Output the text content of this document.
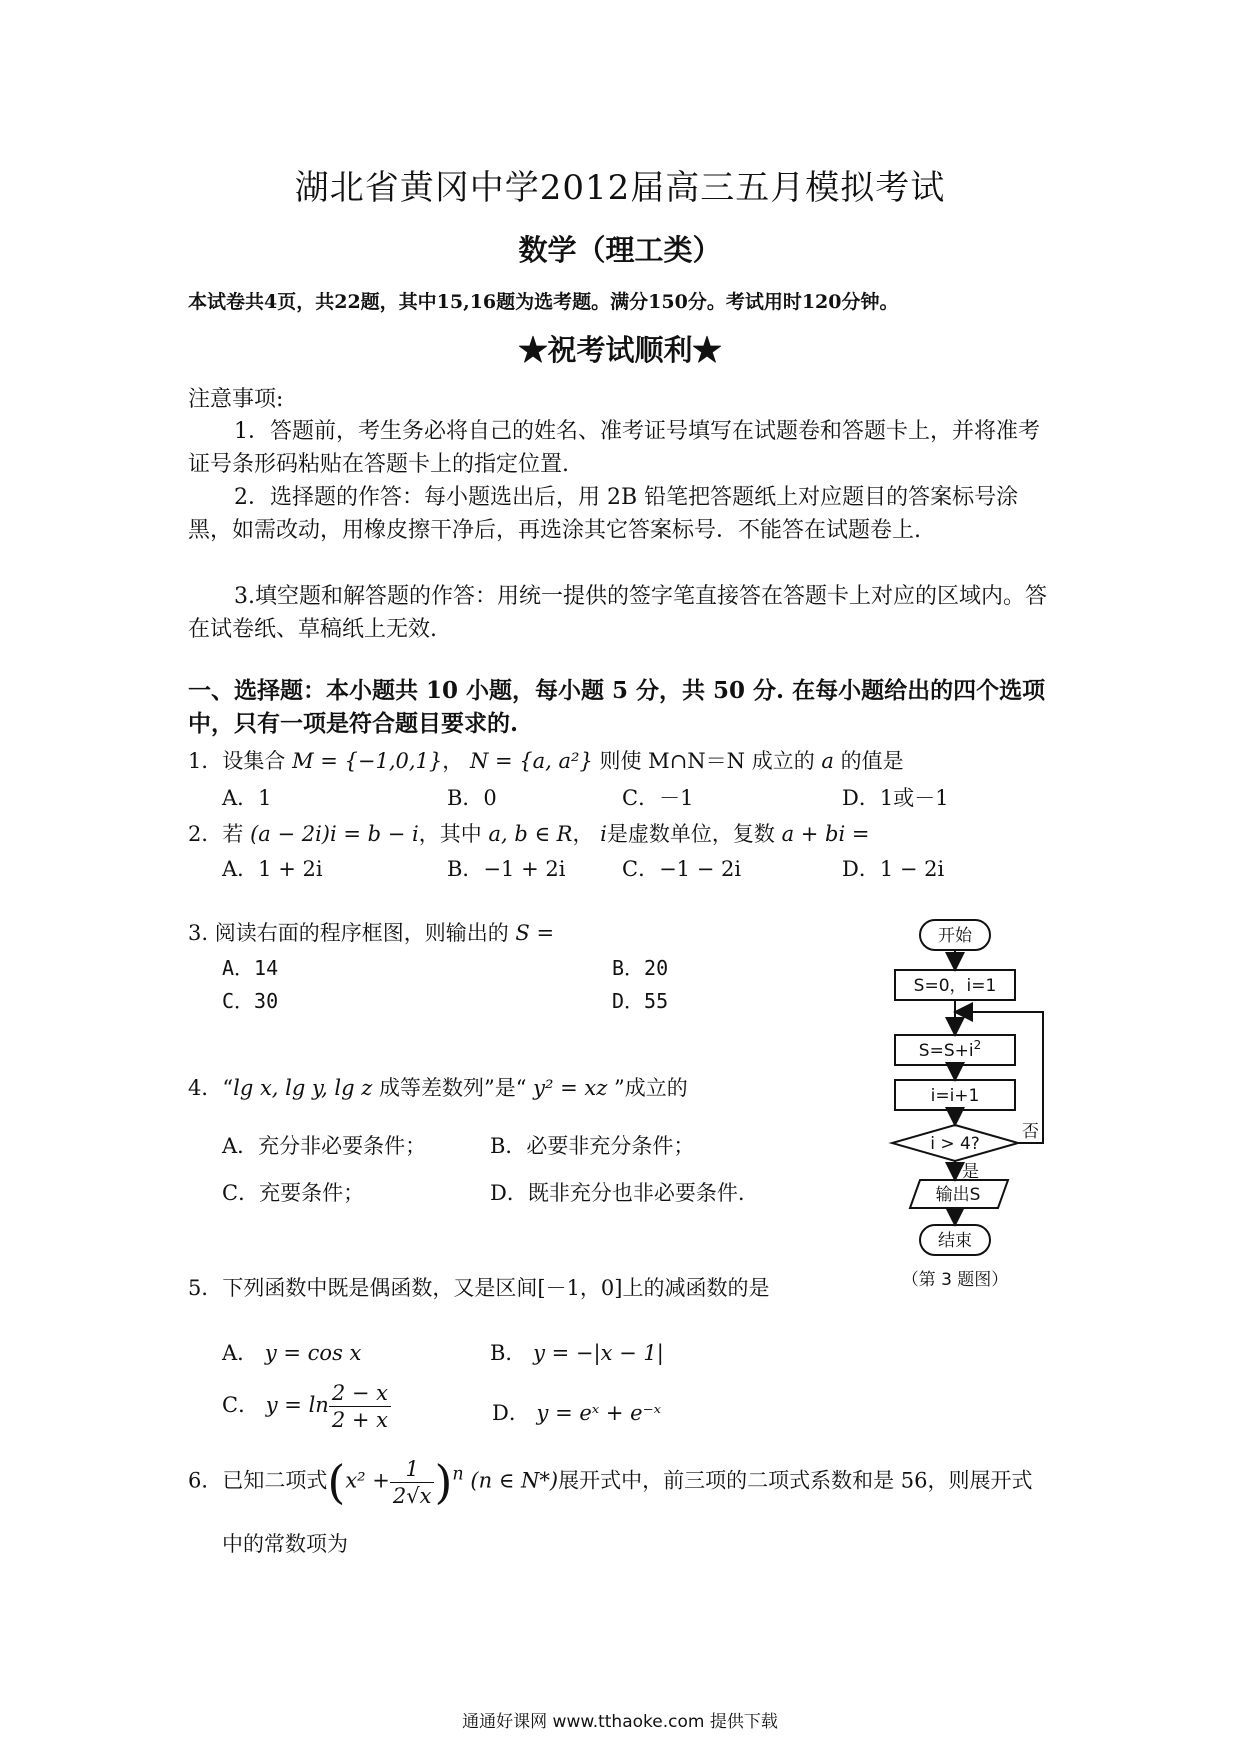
湖北省黄冈中学2012届高三五月模拟考试

数学（理工类）

本试卷共4页，共22题，其中15,16题为选考题。满分150分。考试用时120分钟。

★祝考试顺利★

注意事项:

1．答题前，考生务必将自己的姓名、准考证号填写在试题卷和答题卡上，并将准考证号条形码粘贴在答题卡上的指定位置.

2．选择题的作答：每小题选出后，用 2B 铅笔把答题纸上对应题目的答案标号涂黑，如需改动，用橡皮擦干净后，再选涂其它答案标号．不能答在试题卷上.

3.填空题和解答题的作答：用统一提供的签字笔直接答在答题卡上对应的区域内。答在试卷纸、草稿纸上无效.

一、选择题：本小题共 10 小题，每小题 5 分，共 50 分. 在每小题给出的四个选项中，只有一项是符合题目要求的.

1．设集合 M = {−1,0,1}， N = {a, a²} 则使 M∩N＝N 成立的 a 的值是
A．1	B．0	C．－1	D．1或－1
2．若 (a − 2i)i = b − i，其中 a, b ∈ R， i是虚数单位，复数 a + bi =
A．1 + 2i	B．−1 + 2i	C．−1 − 2i	D．1 − 2i
3. 阅读右面的程序框图，则输出的 S =
A．14	B．20
C．30	D．55
开始
S=0，i=1
$S=S+i^2$
i=i+1
i > 4?
否
是
输出S
结束
（第 3 题图）
4．“lg x, lg y, lg z 成等差数列”是“ y² = xz ”成立的
A．充分非必要条件；	B．必要非充分条件；
C．充要条件；	D．既非充分也非必要条件.
5．下列函数中既是偶函数，又是区间[－1，0]上的减函数的是
A． y = cos x	B． y = −|x − 1|
C． $y = \ln \frac{2 - x}{2 + x}$	D． y = eˣ + e⁻ˣ
6．已知二项式$(x^2 + \frac{1}{2√x} )^n$ (n ∈ N*)展开式中，前三项的二项式系数和是 56，则展开式

中的常数项为

通通好课网 www.tthaoke.com 提供下载
